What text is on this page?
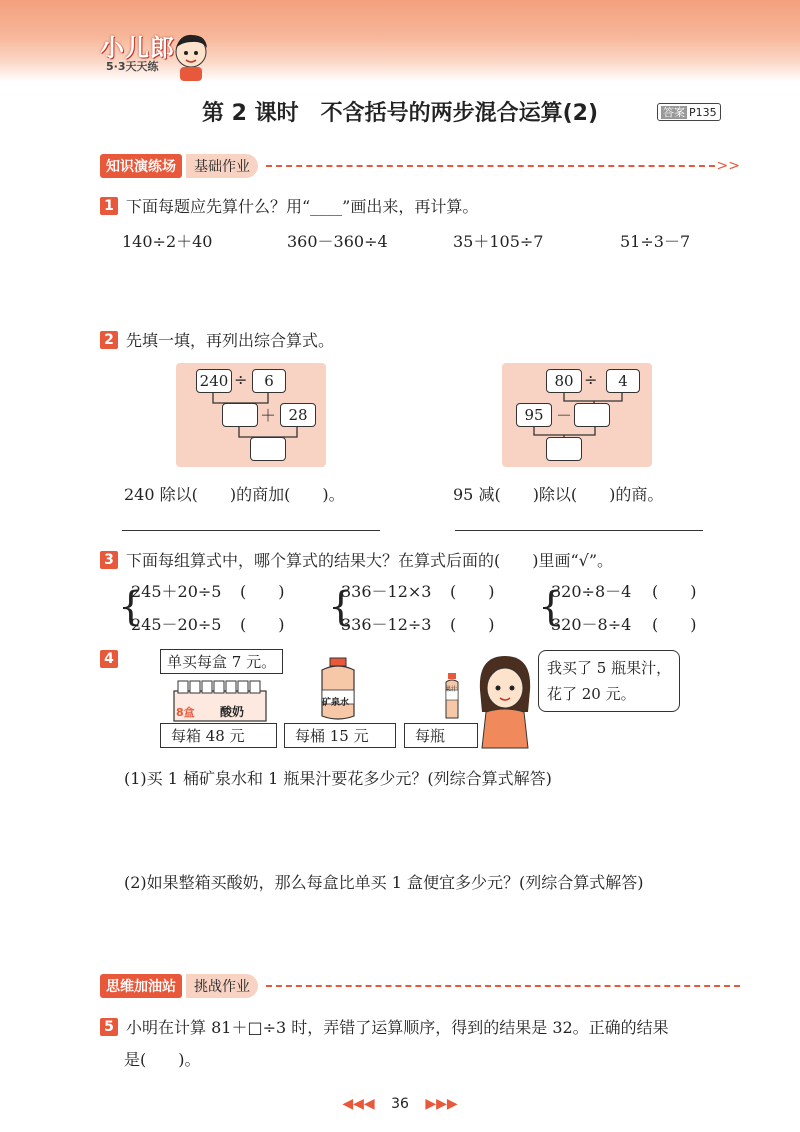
小儿郎
5·3天天练
第 2 课时　不含括号的两步混合运算(2)	答案 P135
知识演练场	基础作业	>>
1 下面每题应先算什么？用“____”画出来，再计算。
140÷2＋40	360－360÷4	35＋105÷7	51÷3－7
2 先填一填，再列出综合算式。
240 ÷	6
＋ 28
80 ÷	4
95 －
240 除以(　　)的商加(　　)。	95 减(　　)除以(　　)的商。
3 下面每组算式中，哪个算式的结果大？在算式后面的(　　)里画“√”。
{
245＋20÷5
245－20÷5
(　　)
(　　) {
336－12×3
336－12÷3
(　　)
(　　) {
320÷8－4
320－8÷4
(　　)
(　　)
4	单买每盒 7 元。
8盒 酸奶
矿泉水
果汁
我买了 5 瓶果汁，
花了 20 元。
每箱 48 元	每桶 15 元	每瓶
(1)买 1 桶矿泉水和 1 瓶果汁要花多少元？(列综合算式解答)
(2)如果整箱买酸奶，那么每盒比单买 1 盒便宜多少元？(列综合算式解答)
思维加油站	挑战作业
5 小明在计算 81＋□÷3 时，弄错了运算顺序，得到的结果是 32。正确的结果
是(　　)。
◀◀◀ 36 ▶▶▶
